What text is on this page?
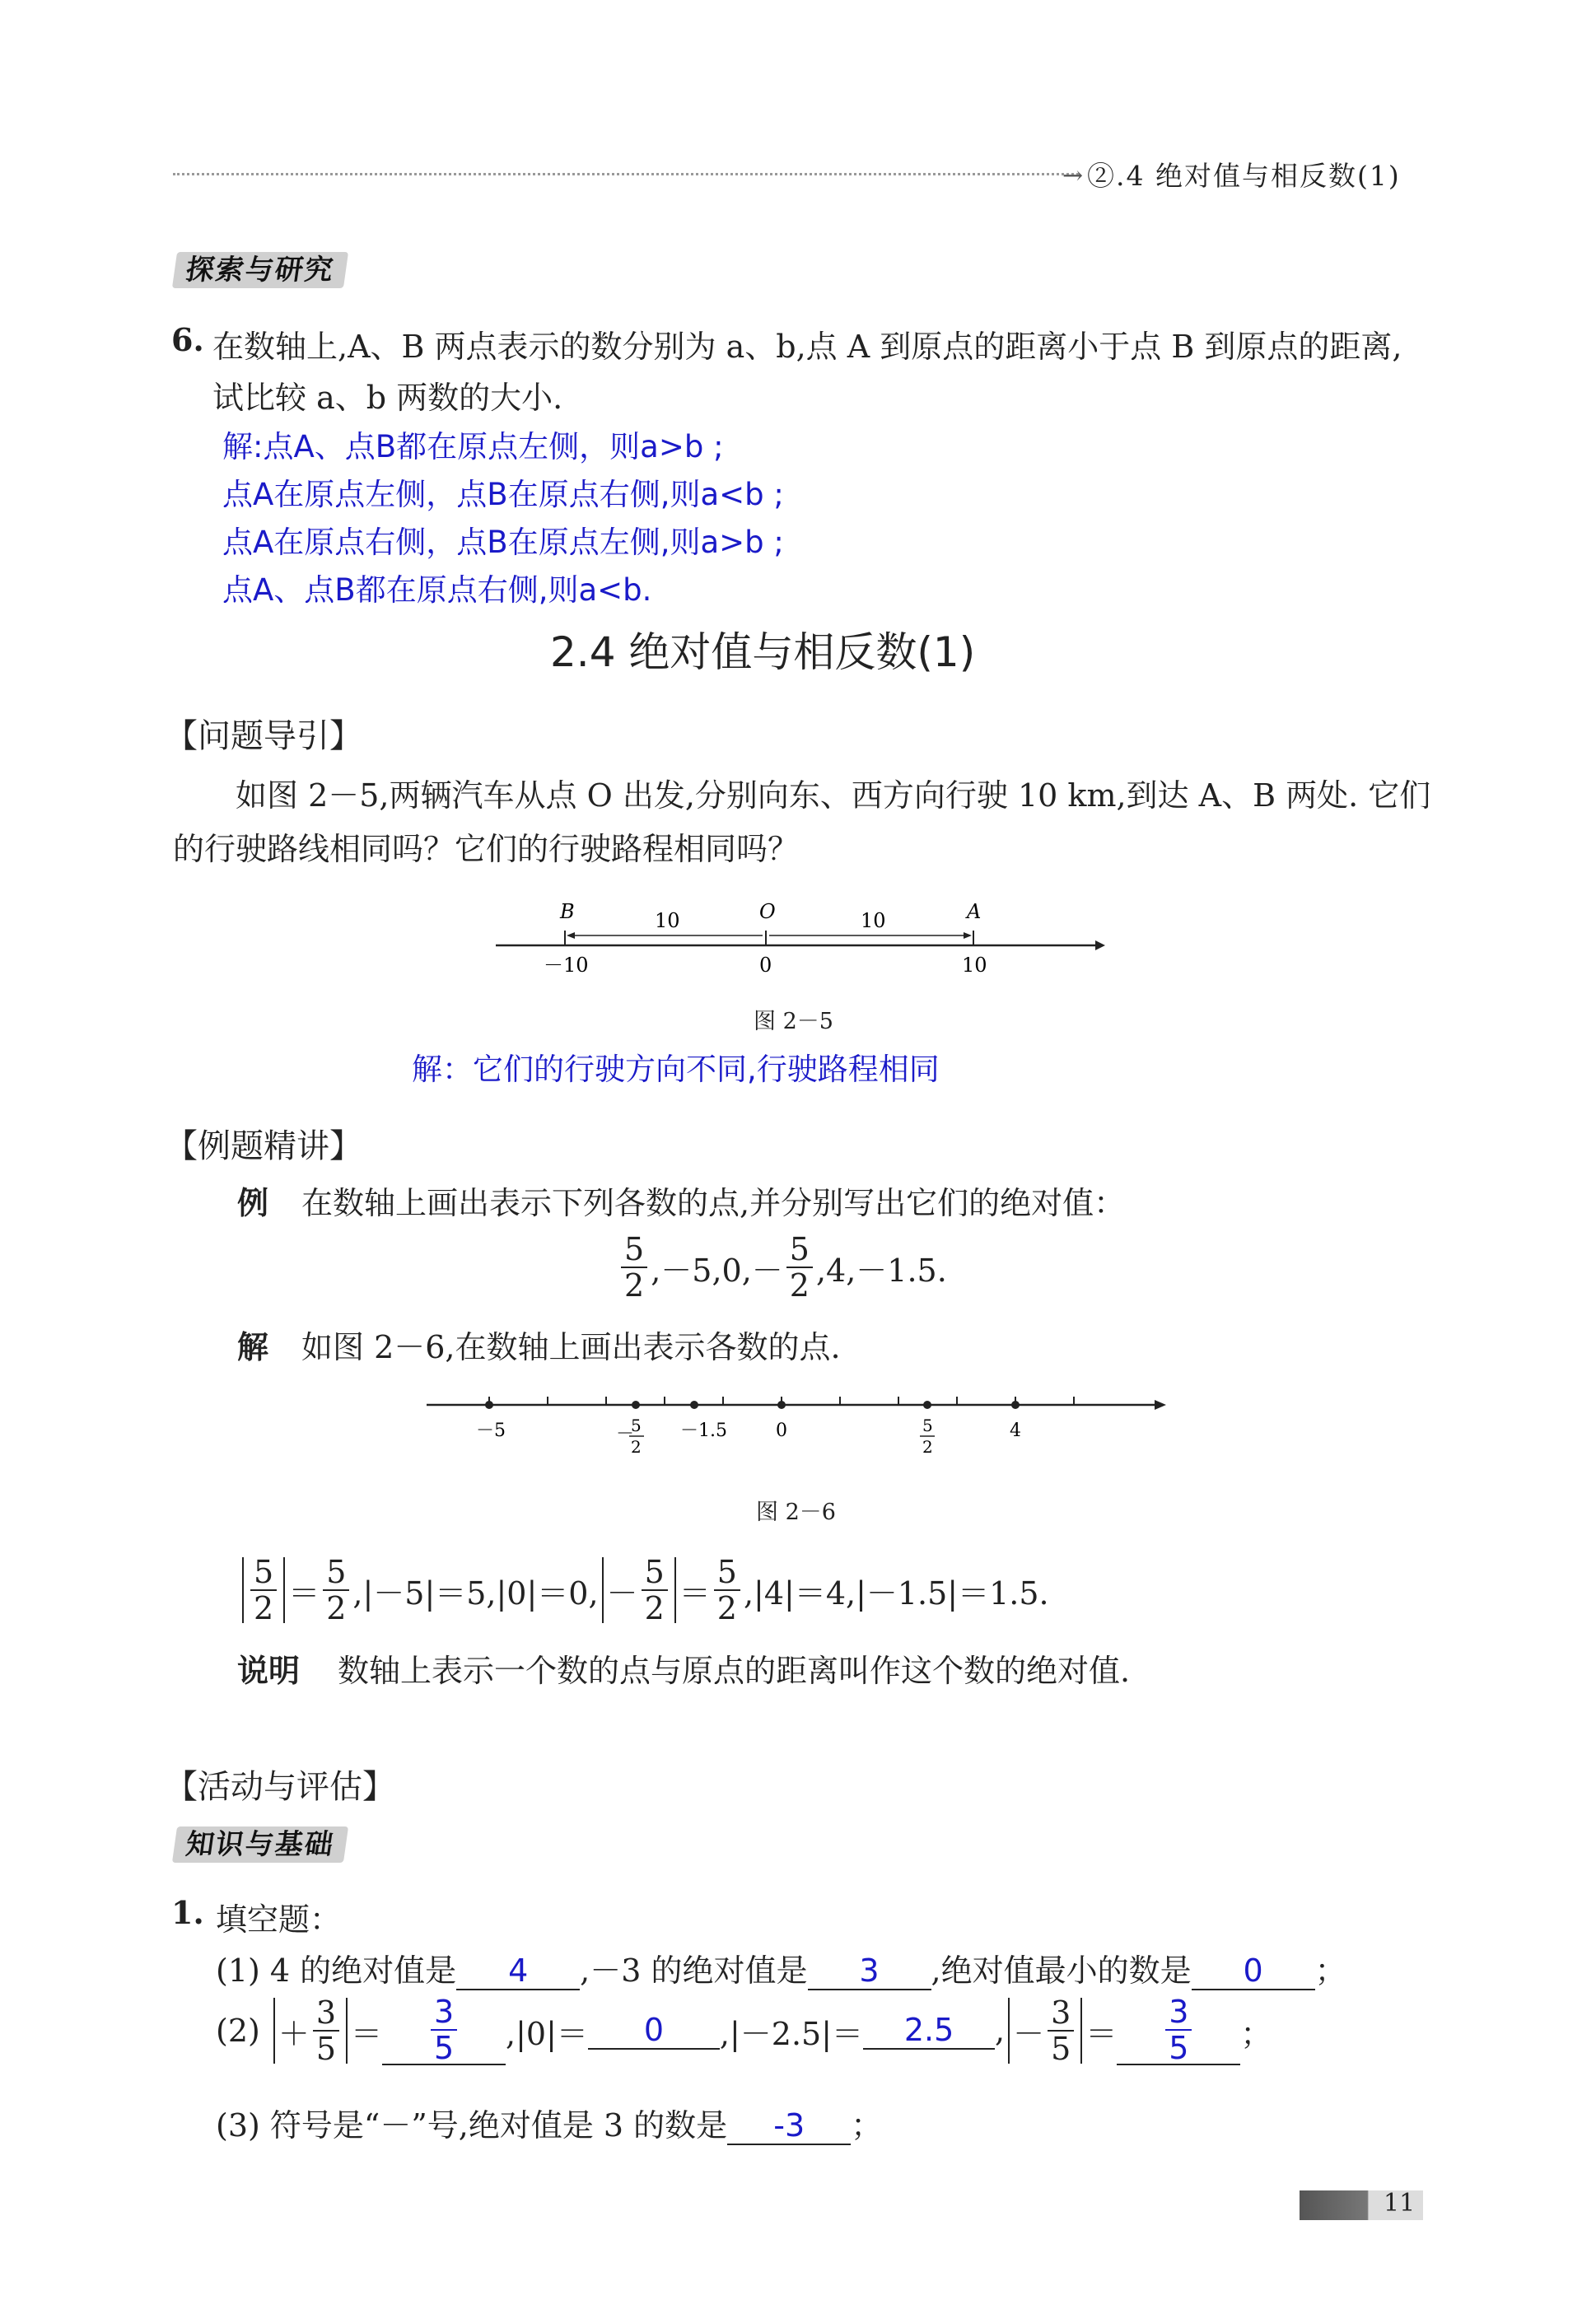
→ ②.4 绝对值与相反数(1)
探索与研究
6. 在数轴上,A、B 两点表示的数分别为 a、b,点 A 到原点的距离小于点 B 到原点的距离,
试比较 a、b 两数的大小.
解:点A、点B都在原点左侧，则a>b ;
点A在原点左侧，点B在原点右侧,则a<b ;
点A在原点右侧，点B在原点左侧,则a>b ;
点A、点B都在原点右侧,则a<b.
2.4 绝对值与相反数(1)
【问题导引】
如图 2－5,两辆汽车从点 O 出发,分别向东、西方向行驶 10 km,到达 A、B 两处. 它们
的行驶路线相同吗？它们的行驶路程相同吗？
B	O	A
10	10
－10	0	10
图 2－5
解：它们的行驶方向不同,行驶路程相同
【例题精讲】
例 在数轴上画出表示下列各数的点,并分别写出它们的绝对值：
$\frac{5}{2} ,-5,0,- \frac{5}{2} ,4,-1.5$.
解 如图 2－6,在数轴上画出表示各数的点.
－5	－
5
2
－1.5	0	5
2
4
图 2－6
$\frac{5}{2} = \frac{5}{2} ,|-5|=5,|0|=0$, － $\frac{5}{2} = \frac{5}{2} ,|4|=4,|-1.5|=1.5$.
说明 数轴上表示一个数的点与原点的距离叫作这个数的绝对值.
【活动与评估】
知识与基础
1. 填空题：
(1) 4 的绝对值是	4	,－3 的绝对值是	3	,绝对值最小的数是	0	；
$(2) + \frac{3}{5} = \frac{3}{5} ,|0|=$	0	,|－2.5|＝	2.5	, － $\frac{3}{5} = \frac{3}{5}$ ；
(3) 符号是“－”号,绝对值是 3 的数是	-3	；
11
